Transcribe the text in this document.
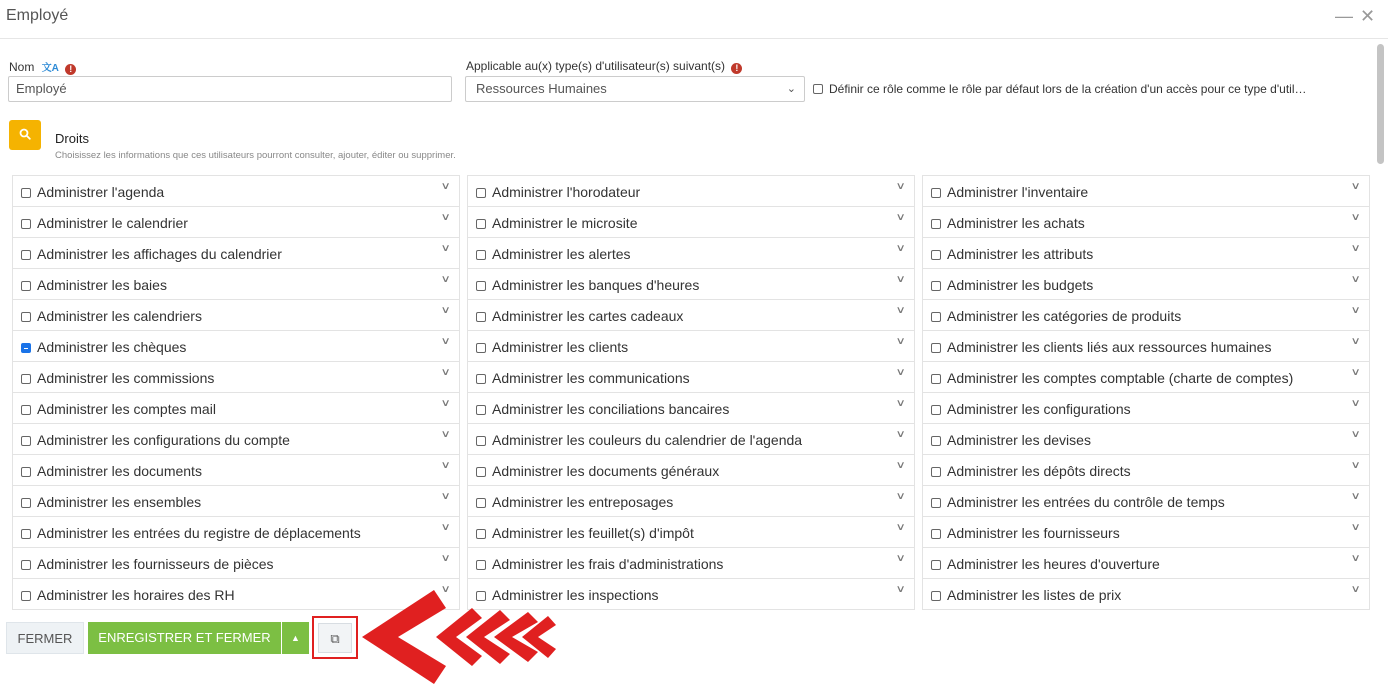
Employé	— ✕
Nom 文A !
Employé
Applicable au(x) type(s) d'utilisateur(s) suivant(s) !
Ressources Humaines	⌄	Définir ce rôle comme le rôle par défaut lors de la création d'un accès pour ce type d'util…
Droits
Choisissez les informations que ces utilisateurs pourront consulter, ajouter, éditer ou supprimer.
Administrer l'agenda	∨
Administrer le calendrier	∨
Administrer les affichages du calendrier	∨
Administrer les baies	∨
Administrer les calendriers	∨
Administrer les chèques	∨
Administrer les commissions	∨
Administrer les comptes mail	∨
Administrer les configurations du compte	∨
Administrer les documents	∨
Administrer les ensembles	∨
Administrer les entrées du registre de déplacements	∨
Administrer les fournisseurs de pièces	∨
Administrer les horaires des RH	∨
Administrer l'horodateur	∨
Administrer le microsite	∨
Administrer les alertes	∨
Administrer les banques d'heures	∨
Administrer les cartes cadeaux	∨
Administrer les clients	∨
Administrer les communications	∨
Administrer les conciliations bancaires	∨
Administrer les couleurs du calendrier de l'agenda	∨
Administrer les documents généraux	∨
Administrer les entreposages	∨
Administrer les feuillet(s) d'impôt	∨
Administrer les frais d'administrations	∨
Administrer les inspections	∨
Administrer l'inventaire	∨
Administrer les achats	∨
Administrer les attributs	∨
Administrer les budgets	∨
Administrer les catégories de produits	∨
Administrer les clients liés aux ressources humaines	∨
Administrer les comptes comptable (charte de comptes)	∨
Administrer les configurations	∨
Administrer les devises	∨
Administrer les dépôts directs	∨
Administrer les entrées du contrôle de temps	∨
Administrer les fournisseurs	∨
Administrer les heures d'ouverture	∨
Administrer les listes de prix	∨
FERMER	ENREGISTRER ET FERMER	▲	⧉
